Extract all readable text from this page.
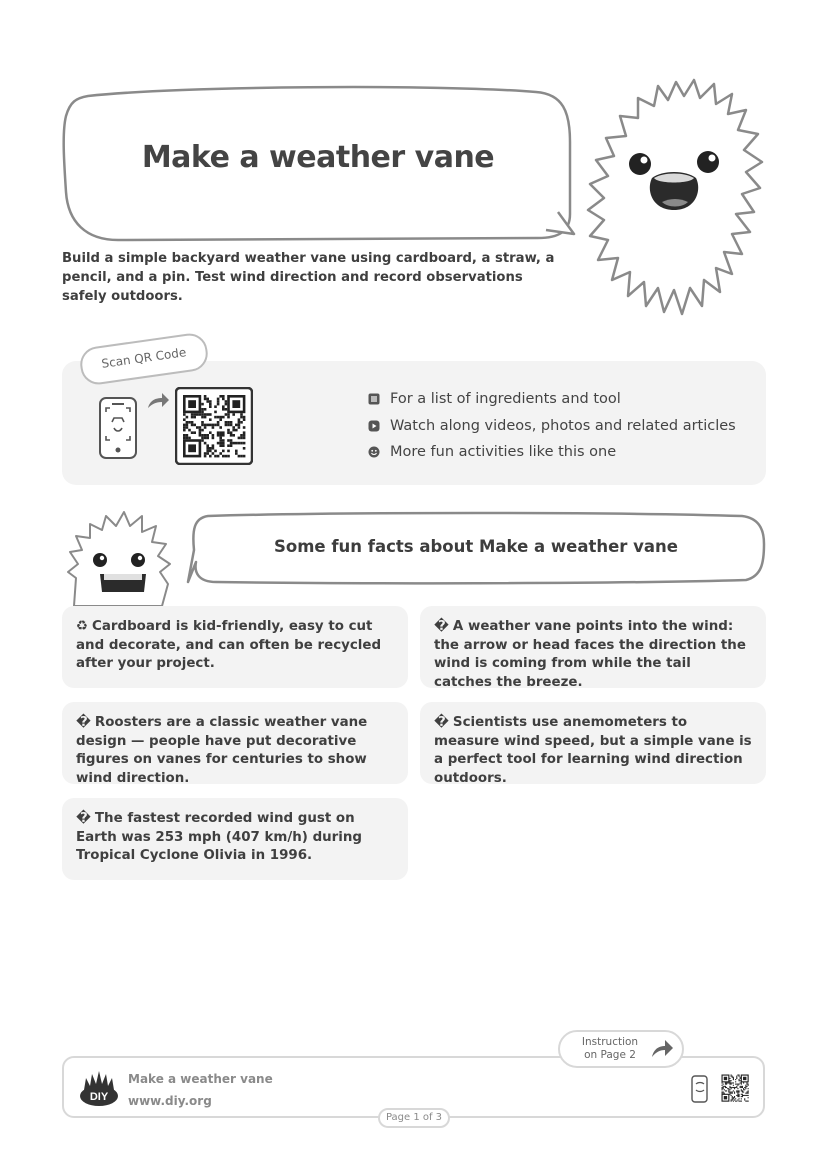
Make a weather vane
Build a simple backyard weather vane using cardboard, a straw, a pencil, and a pin. Test wind direction and record observations safely outdoors.
Scan QR Code
For a list of ingredients and tool
Watch along videos, photos and related articles
More fun activities like this one
Some fun facts about Make a weather vane
♻ Cardboard is kid-friendly, easy to cut and decorate, and can often be recycled after your project.
� A weather vane points into the wind: the arrow or head faces the direction the wind is coming from while the tail catches the breeze.
� Roosters are a classic weather vane design — people have put decorative figures on vanes for centuries to show wind direction.
� Scientists use anemometers to measure wind speed, but a simple vane is a perfect tool for learning wind direction outdoors.
� The fastest recorded wind gust on Earth was 253 mph (407 km/h) during Tropical Cyclone Olivia in 1996.
Instruction
on Page 2
DIY
Make a weather vane
www.diy.org
Page 1 of 3
